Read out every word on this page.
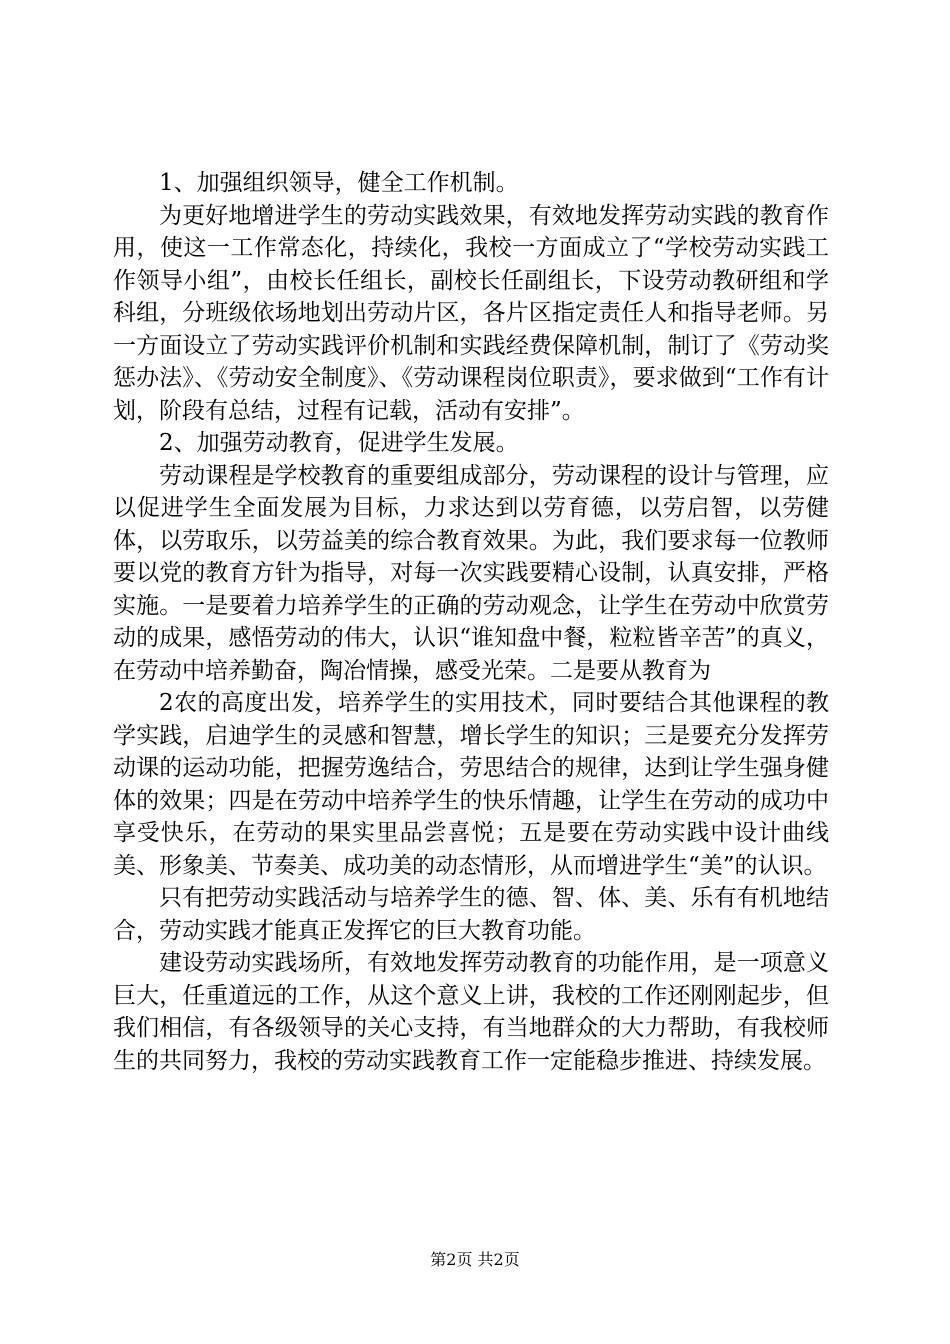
1、加强组织领导，健全工作机制。

为更好地增进学生的劳动实践效果，有效地发挥劳动实践的教育作用，使这一工作常态化，持续化，我校一方面成立了“学校劳动实践工作领导小组”，由校长任组长，副校长任副组长，下设劳动教研组和学科组，分班级依场地划出劳动片区，各片区指定责任人和指导老师。另一方面设立了劳动实践评价机制和实践经费保障机制，制订了《劳动奖惩办法》、《劳动安全制度》、《劳动课程岗位职责》，要求做到“工作有计划，阶段有总结，过程有记载，活动有安排”。

2、加强劳动教育，促进学生发展。

劳动课程是学校教育的重要组成部分，劳动课程的设计与管理，应以促进学生全面发展为目标，力求达到以劳育德，以劳启智，以劳健体，以劳取乐，以劳益美的综合教育效果。为此，我们要求每一位教师要以党的教育方针为指导，对每一次实践要精心设制，认真安排，严格实施。一是要着力培养学生的正确的劳动观念，让学生在劳动中欣赏劳动的成果，感悟劳动的伟大，认识“谁知盘中餐，粒粒皆辛苦”的真义，在劳动中培养勤奋，陶冶情操，感受光荣。二是要从教育为

2农的高度出发，培养学生的实用技术，同时要结合其他课程的教学实践，启迪学生的灵感和智慧，增长学生的知识；三是要充分发挥劳动课的运动功能，把握劳逸结合，劳思结合的规律，达到让学生强身健体的效果；四是在劳动中培养学生的快乐情趣，让学生在劳动的成功中享受快乐，在劳动的果实里品尝喜悦；五是要在劳动实践中设计曲线美、形象美、节奏美、成功美的动态情形，从而增进学生“美”的认识。

只有把劳动实践活动与培养学生的德、智、体、美、乐有有机地结合，劳动实践才能真正发挥它的巨大教育功能。

建设劳动实践场所，有效地发挥劳动教育的功能作用，是一项意义巨大，任重道远的工作，从这个意义上讲，我校的工作还刚刚起步，但我们相信，有各级领导的关心支持，有当地群众的大力帮助，有我校师生的共同努力，我校的劳动实践教育工作一定能稳步推进、持续发展。

第2页 共2页
